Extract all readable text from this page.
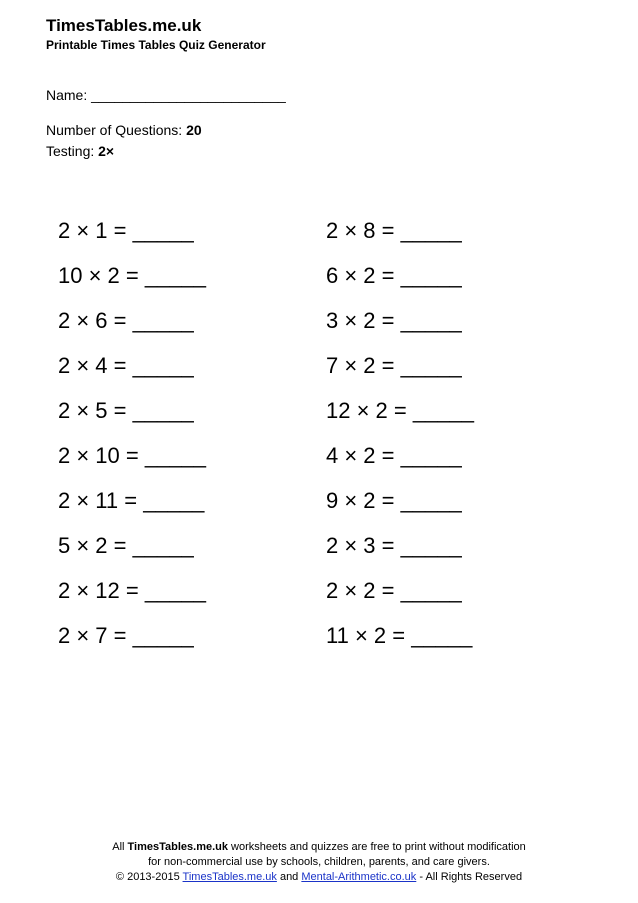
TimesTables.me.uk
Printable Times Tables Quiz Generator
Name: _________________________
Number of Questions: 20
Testing: 2×
2 × 1 = _____
10 × 2 = _____
2 × 6 = _____
2 × 4 = _____
2 × 5 = _____
2 × 10 = _____
2 × 11 = _____
5 × 2 = _____
2 × 12 = _____
2 × 7 = _____
2 × 8 = _____
6 × 2 = _____
3 × 2 = _____
7 × 2 = _____
12 × 2 = _____
4 × 2 = _____
9 × 2 = _____
2 × 3 = _____
2 × 2 = _____
11 × 2 = _____
All TimesTables.me.uk worksheets and quizzes are free to print without modification
for non-commercial use by schools, children, parents, and care givers.
© 2013-2015 TimesTables.me.uk and Mental-Arithmetic.co.uk - All Rights Reserved
